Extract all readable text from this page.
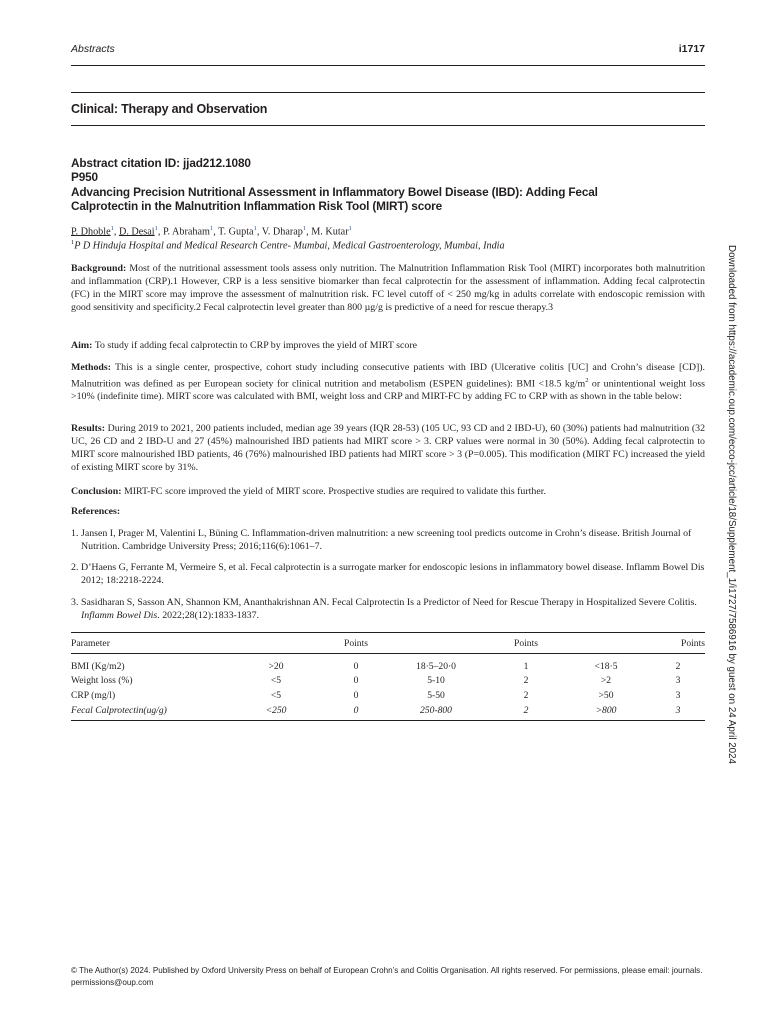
Abstracts	i1717
Clinical: Therapy and Observation
Abstract citation ID: jjad212.1080
P950
Advancing Precision Nutritional Assessment in Inflammatory Bowel Disease (IBD): Adding Fecal
Calprotectin in the Malnutrition Inflammation Risk Tool (MIRT) score
P. Dhoble$^1$, D. Desai$^1$, P. Abraham$^1$, T. Gupta$^1$, V. Dharap$^1$, M. Kutar$^1$
$^1$P D Hinduja Hospital and Medical Research Centre- Mumbai, Medical Gastroenterology, Mumbai, India
Background: Most of the nutritional assessment tools assess only nutrition. The Malnutrition Inflammation Risk Tool (MIRT) incorporates both malnutrition and inflammation (CRP).1 However, CRP is a less sensitive biomarker than fecal calprotectin for the assessment of inflammation. Adding fecal calprotectin (FC) in the MIRT score may improve the assessment of malnutrition risk. FC level cutoff of < 250 mg/kg in adults correlate with endoscopic remission with good sensitivity and specificity.2 Fecal calprotectin level greater than 800 µg/g is predictive of a need for rescue therapy.3
Aim: To study if adding fecal calprotectin to CRP by improves the yield of MIRT score
Methods: This is a single center, prospective, cohort study including consecutive patients with IBD (Ulcerative colitis [UC] and Crohn’s disease [CD]). Malnutrition was defined as per European society for clinical nutrition and metabolism (ESPEN guidelines): BMI <18.5 $kg/m^2$ or unintentional weight loss >10% (indefinite time). MIRT score was calculated with BMI, weight loss and CRP and MIRT-FC by adding FC to CRP with as shown in the table below:
Results: During 2019 to 2021, 200 patients included, median age 39 years (IQR 28-53) (105 UC, 93 CD and 2 IBD-U), 60 (30%) patients had malnutrition (32 UC, 26 CD and 2 IBD-U and 27 (45%) malnourished IBD patients had MIRT score > 3. CRP values were normal in 30 (50%). Adding fecal calprotectin to MIRT score malnourished IBD patients, 46 (76%) malnourished IBD patients had MIRT score > 3 (P=0.005). This modification (MIRT FC) increased the yield of existing MIRT score by 31%.
Conclusion: MIRT-FC score improved the yield of MIRT score. Prospective studies are required to validate this further.
References:
1. Jansen I, Prager M, Valentini L, Büning C. Inflammation-driven malnutrition: a new screening tool predicts outcome in Crohn’s disease. British Journal of Nutrition. Cambridge University Press; 2016;116(6):1061–7.
2. D’Haens G, Ferrante M, Vermeire S, et al. Fecal calprotectin is a surrogate marker for endoscopic lesions in inflammatory bowel disease. Inflamm Bowel Dis 2012; 18:2218-2224.
3. Sasidharan S, Sasson AN, Shannon KM, Ananthakrishnan AN. Fecal Calprotectin Is a Predictor of Need for Rescue Therapy in Hospitalized Severe Colitis. Inflamm Bowel Dis. 2022;28(12):1833-1837.
Parameter		Points		Points		Points
BMI (Kg/m2)	>20	0	18·5–20·0	1	<18·5	2
Weight loss (%)	<5	0	5-10	2	>2	3
CRP (mg/l)	<5	0	5-50	2	>50	3
Fecal Calprotectin(ug/g)	<250	0	250-800	2	>800	3	Downloaded from https://academic.oup.com/ecco-jcc/article/18/Supplement_1/i1727/7586916 by guest on 24 April 2024
© The Author(s) 2024. Published by Oxford University Press on behalf of European Crohn’s and Colitis Organisation. All rights reserved. For permissions, please email: journals.
permissions@oup.com
